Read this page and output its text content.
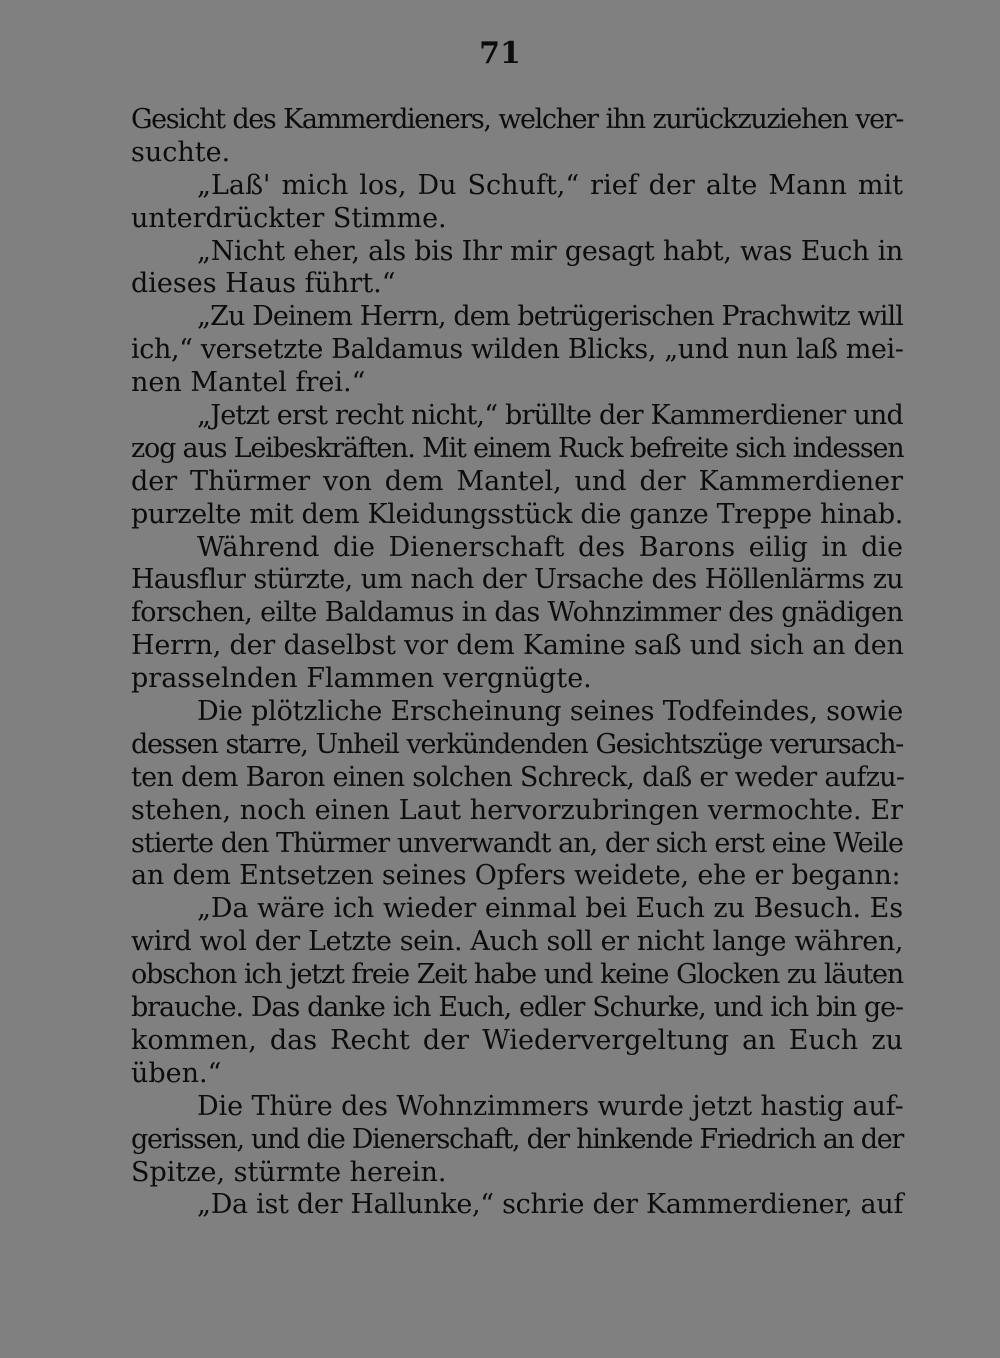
71
Gesicht des Kammerdieners, welcher ihn zurückzuziehen ver-
suchte.
„Laß' mich los, Du Schuft,“ rief der alte Mann mit
unterdrückter Stimme.
„Nicht eher, als bis Ihr mir gesagt habt, was Euch in
dieses Haus führt.“
„Zu Deinem Herrn, dem betrügerischen Prachwitz will
ich,“ versetzte Baldamus wilden Blicks, „und nun laß mei-
nen Mantel frei.“
„Jetzt erst recht nicht,“ brüllte der Kammerdiener und
zog aus Leibeskräften. Mit einem Ruck befreite sich indessen
der Thürmer von dem Mantel, und der Kammerdiener
purzelte mit dem Kleidungsstück die ganze Treppe hinab.
Während die Dienerschaft des Barons eilig in die
Hausflur stürzte, um nach der Ursache des Höllenlärms zu
forschen, eilte Baldamus in das Wohnzimmer des gnädigen
Herrn, der daselbst vor dem Kamine saß und sich an den
prasselnden Flammen vergnügte.
Die plötzliche Erscheinung seines Todfeindes, sowie
dessen starre, Unheil verkündenden Gesichtszüge verursach-
ten dem Baron einen solchen Schreck, daß er weder aufzu-
stehen, noch einen Laut hervorzubringen vermochte. Er
stierte den Thürmer unverwandt an, der sich erst eine Weile
an dem Entsetzen seines Opfers weidete, ehe er begann:
„Da wäre ich wieder einmal bei Euch zu Besuch. Es
wird wol der Letzte sein. Auch soll er nicht lange währen,
obschon ich jetzt freie Zeit habe und keine Glocken zu läuten
brauche. Das danke ich Euch, edler Schurke, und ich bin ge-
kommen, das Recht der Wiedervergeltung an Euch zu
üben.“
Die Thüre des Wohnzimmers wurde jetzt hastig auf-
gerissen, und die Dienerschaft, der hinkende Friedrich an der
Spitze, stürmte herein.
„Da ist der Hallunke,“ schrie der Kammerdiener, auf
